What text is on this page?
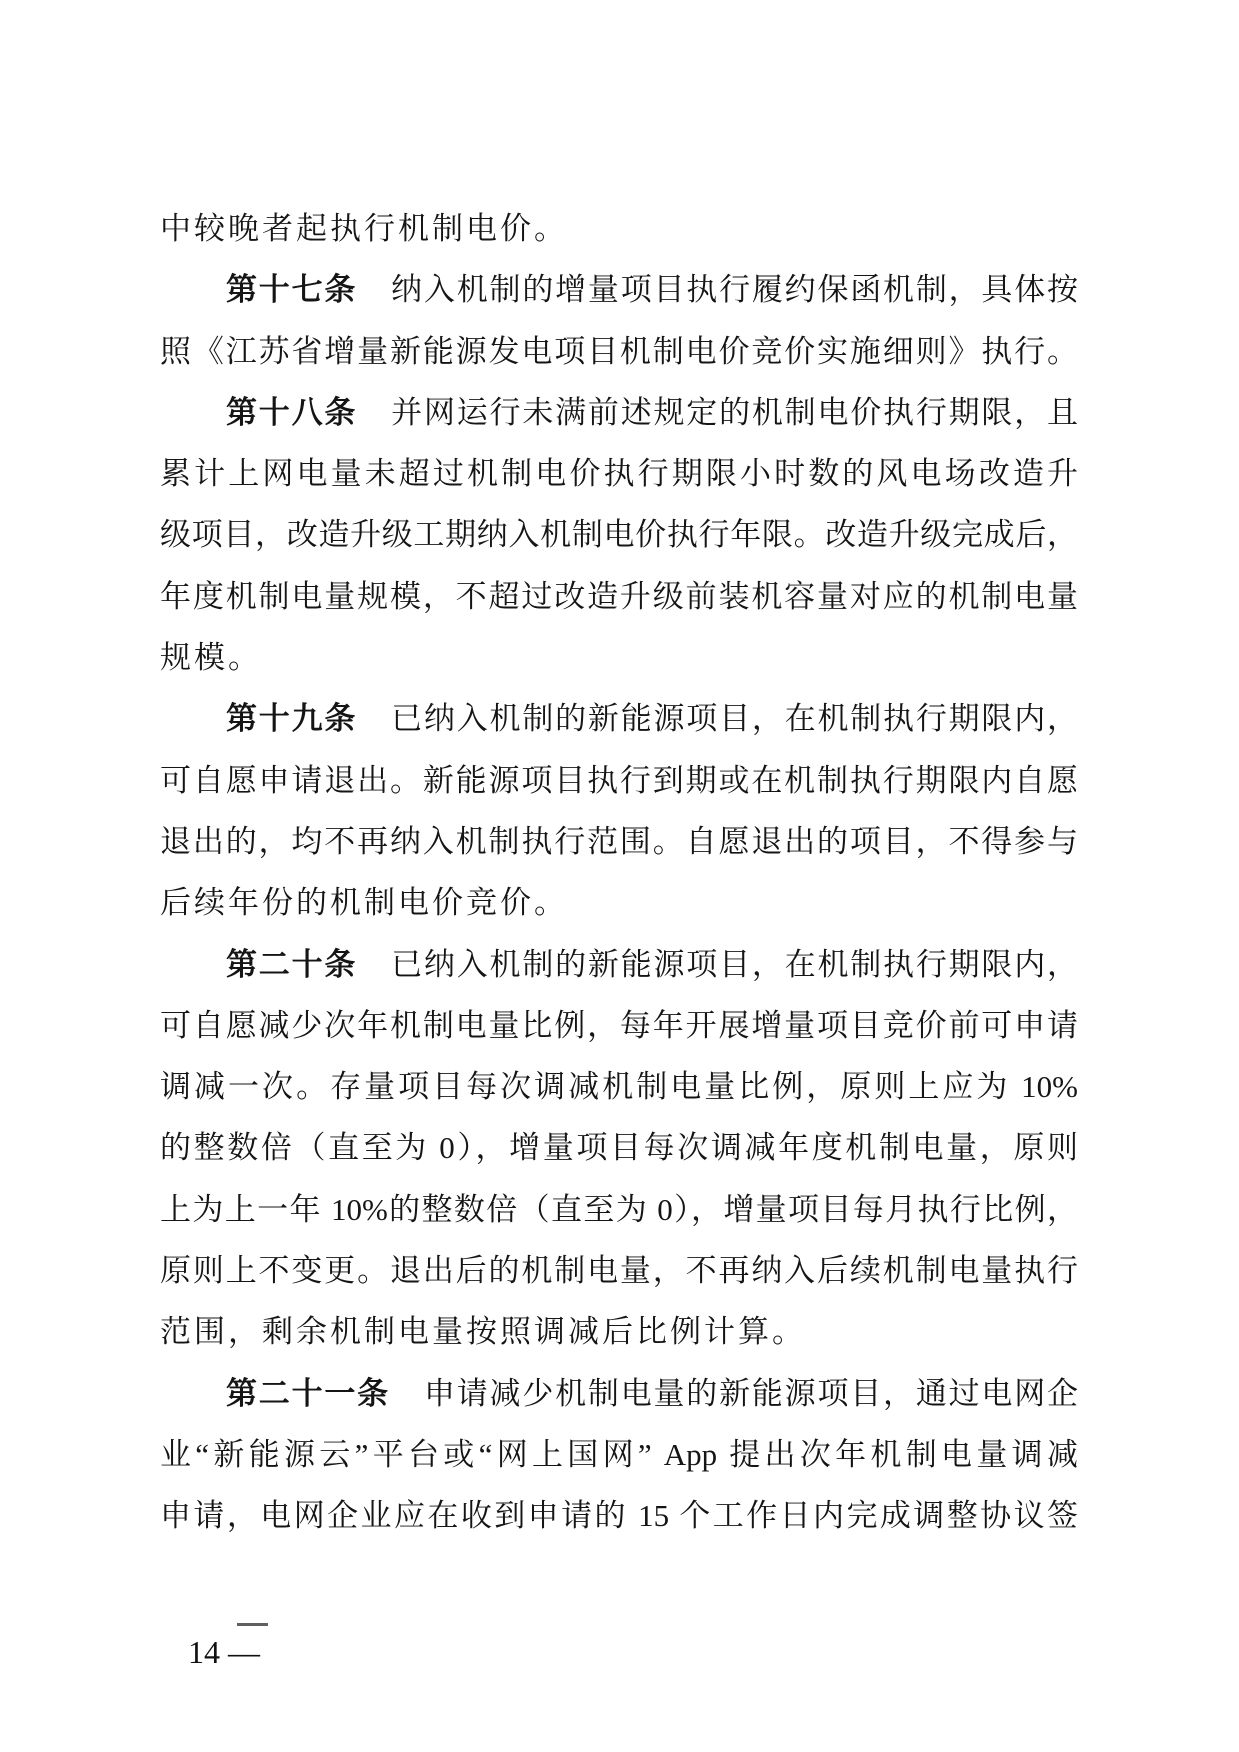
中较晚者起执行机制电价。
第十七条 纳入机制的增量项目执行履约保函机制，具体按
照《江苏省增量新能源发电项目机制电价竞价实施细则》执行。
第十八条 并网运行未满前述规定的机制电价执行期限，且
累计上网电量未超过机制电价执行期限小时数的风电场改造升
级项目，改造升级工期纳入机制电价执行年限。改造升级完成后，
年度机制电量规模，不超过改造升级前装机容量对应的机制电量
规模。
第十九条 已纳入机制的新能源项目，在机制执行期限内，
可自愿申请退出。新能源项目执行到期或在机制执行期限内自愿
退出的，均不再纳入机制执行范围。自愿退出的项目，不得参与
后续年份的机制电价竞价。
第二十条 已纳入机制的新能源项目，在机制执行期限内，
可自愿减少次年机制电量比例，每年开展增量项目竞价前可申请
调减一次。存量项目每次调减机制电量比例，原则上应为 10%
的整数倍（直至为 0），增量项目每次调减年度机制电量，原则
上为上一年 10%的整数倍（直至为 0），增量项目每月执行比例，
原则上不变更。退出后的机制电量，不再纳入后续机制电量执行
范围，剩余机制电量按照调减后比例计算。
第二十一条 申请减少机制电量的新能源项目，通过电网企
业“新能源云”平台或“网上国网” App 提出次年机制电量调减
申请，电网企业应在收到申请的 15 个工作日内完成调整协议签
14 —
